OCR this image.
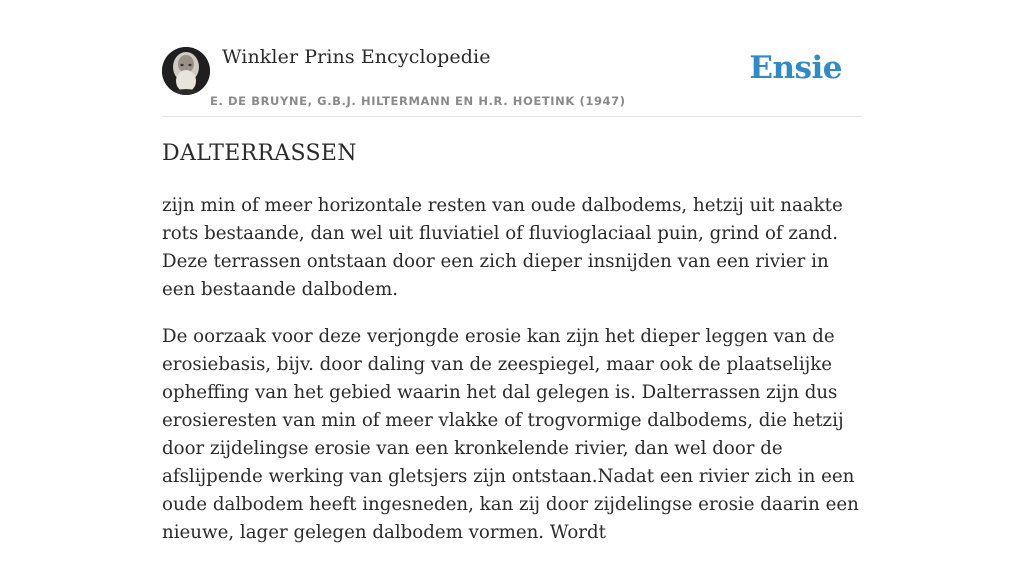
Winkler Prins Encyclopedie
E. DE BRUYNE, G.B.J. HILTERMANN EN H.R. HOETINK (1947)
Ensie
DALTERRASSEN

zijn min of meer horizontale resten van oude dalbodems, hetzij uit naakte rots bestaande, dan wel uit fluviatiel of fluvioglaciaal puin, grind of zand. Deze terrassen ontstaan door een zich dieper insnijden van een rivier in een bestaande dalbodem.

De oorzaak voor deze verjongde erosie kan zijn het dieper leggen van de erosiebasis, bijv. door daling van de zeespiegel, maar ook de plaatselijke opheffing van het gebied waarin het dal gelegen is. Dalterrassen zijn dus erosieresten van min of meer vlakke of trogvormige dalbodems, die hetzij door zijdelingse erosie van een kronkelende rivier, dan wel door de afslijpende werking van gletsjers zijn ontstaan.Nadat een rivier zich in een oude dalbodem heeft ingesneden, kan zij door zijdelingse erosie daarin een nieuwe, lager gelegen dalbodem vormen. Wordt
